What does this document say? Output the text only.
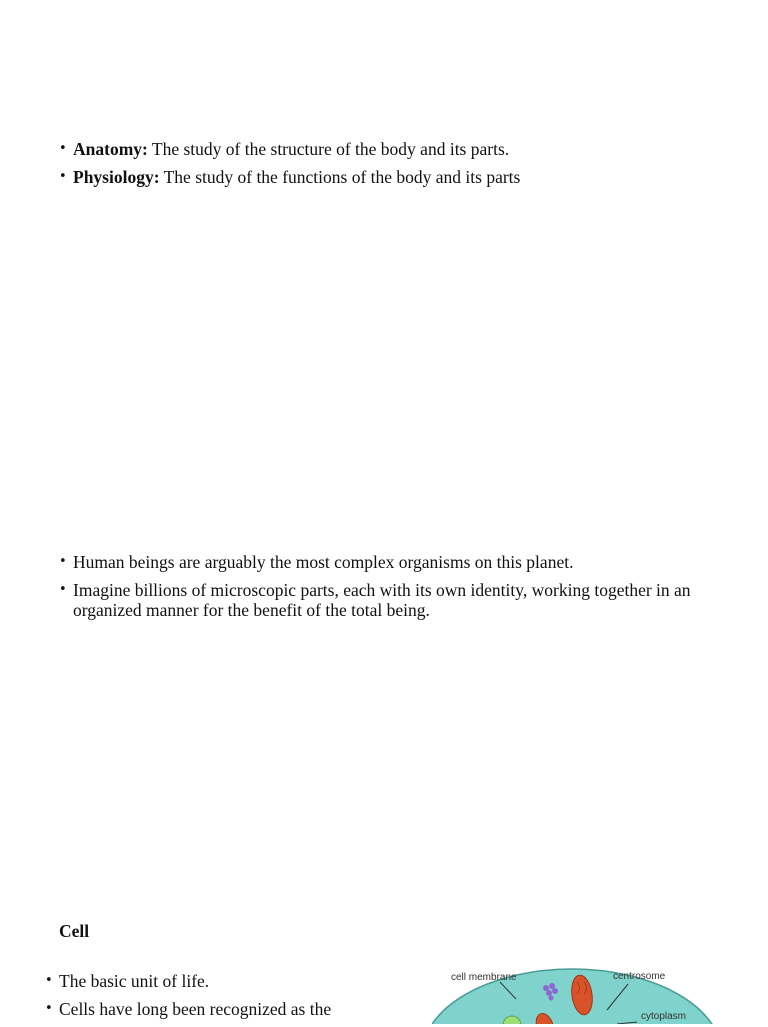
• Anatomy: The study of the structure of the body and its parts.
• Physiology: The study of the functions of the body and its parts
• Human beings are arguably the most complex organisms on this planet.
• Imagine billions of microscopic parts, each with its own identity, working together in an organized manner for the benefit of the total being.
Cell
• The basic unit of life.
• Cells have long been recognized as the
cell membrane	centrosome
cytoplasm
